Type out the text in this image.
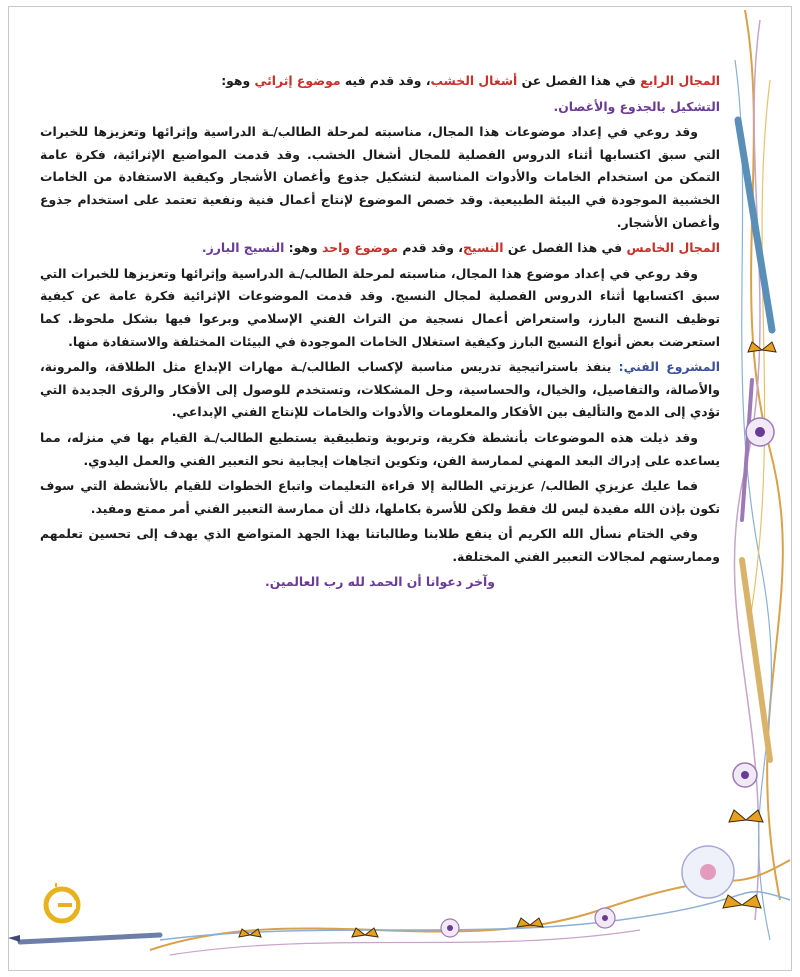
المجال الرابع في هذا الفصل عن أشغال الخشب، وقد قدم فيه موضوع إثرائي وهو:

التشكيل بالجذوع والأغصان.

وقد روعي في إعداد موضوعات هذا المجال، مناسبته لمرحلة الطالب/ـة الدراسية وإثرائها وتعزيزها للخبرات التي سبق اكتسابها أثناء الدروس الفصلية للمجال أشغال الخشب. وقد قدمت المواضيع الإثرائية، فكرة عامة التمكن من استخدام الخامات والأدوات المناسبة لتشكيل جذوع وأغصان الأشجار وكيفية الاستفادة من الخامات الخشبية الموجودة في البيئة الطبيعية. وقد خصص الموضوع لإنتاج أعمال فنية ونفعية تعتمد على استخدام جذوع وأغصان الأشجار.

المجال الخامس في هذا الفصل عن النسيج، وقد قدم موضوع واحد وهو: النسيج البارز.

وقد روعي في إعداد موضوع هذا المجال، مناسبته لمرحلة الطالب/ـة الدراسية وإثرائها وتعزيزها للخبرات التي سبق اكتسابها أثناء الدروس الفصلية لمجال النسيج. وقد قدمت الموضوعات الإثرائية فكرة عامة عن كيفية توظيف النسج البارز، واستعراض أعمال نسجية من التراث الفني الإسلامي وبرعوا فيها بشكل ملحوظ. كما استعرضت بعض أنواع النسيج البارز وكيفية استغلال الخامات الموجودة في البيئات المختلفة والاستفادة منها.

المشروع الفني: ينفذ باستراتيجية تدريس مناسبة لإكساب الطالب/ـة مهارات الإبداع مثل الطلاقة، والمرونة، والأصالة، والتفاصيل، والخيال، والحساسية، وحل المشكلات، وتستخدم للوصول إلى الأفكار والرؤى الجديدة التي تؤدي إلى الدمج والتأليف بين الأفكار والمعلومات والأدوات والخامات للإنتاج الفني الإبداعي.

وقد ذيلت هذه الموضوعات بأنشطة فكرية، وتربوية وتطبيقية يستطيع الطالب/ـة القيام بها في منزله، مما يساعده على إدراك البعد المهني لممارسة الفن، وتكوين اتجاهات إيجابية نحو التعبير الفني والعمل اليدوي.

فما عليك عزيزي الطالب/ عزيزتي الطالبة إلا قراءة التعليمات واتباع الخطوات للقيام بالأنشطة التي سوف تكون بإذن الله مفيدة ليس لك فقط ولكن للأسرة بكاملها، ذلك أن ممارسة التعبير الفني أمر ممتع ومفيد.

وفي الختام نسأل الله الكريم أن ينفع طلابنا وطالباتنا بهذا الجهد المتواضع الذي يهدف إلى تحسين تعلمهم وممارستهم لمجالات التعبير الفني المختلفة.

وآخر دعوانا أن الحمد لله رب العالمين.
